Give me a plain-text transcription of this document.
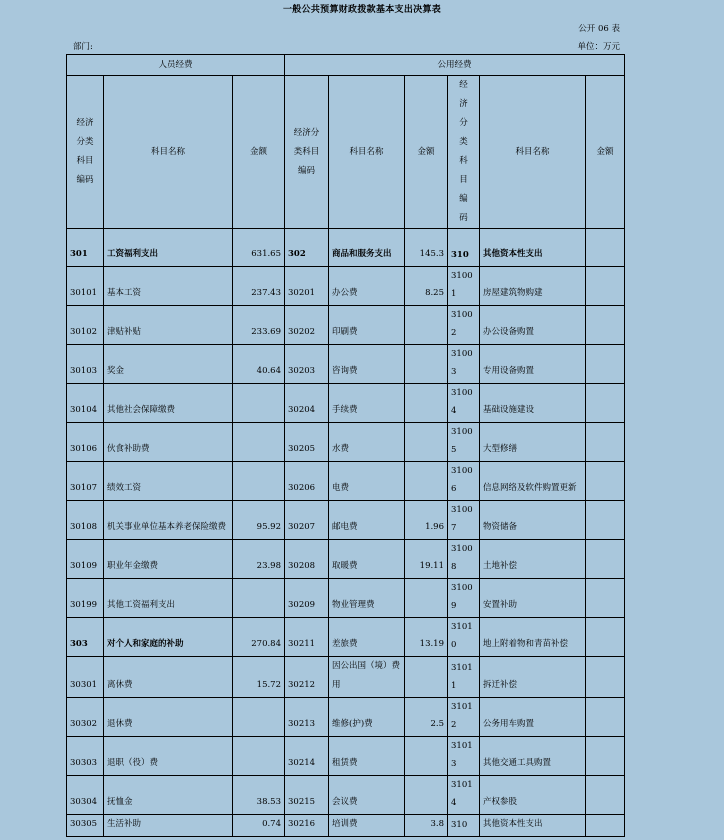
一般公共预算财政拨款基本支出决算表
公开 06 表
部门:	单位：万元
人员经费			公用经费					

经济分类科目编码	科目名称	金额	经济分类科目编码	科目名称	金额	经济分类科目编码	科目名称	金额
301	工资福利支出	631.65	302	商品和服务支出	145.3	310	其他资本性支出	
30101	基本工资	237.43	30201	办公费	8.25	31001	房屋建筑物购建	
30102	津贴补贴	233.69	30202	印刷费		31002	办公设备购置	
30103	奖金	40.64	30203	咨询费		31003	专用设备购置	
30104	其他社会保障缴费		30204	手续费		31004	基础设施建设	
30106	伙食补助费		30205	水费		31005	大型修缮	
30107	绩效工资		30206	电费		31006	信息网络及软件购置更新	
30108	机关事业单位基本养老保险缴费	95.92	30207	邮电费	1.96	31007	物资储备	
30109	职业年金缴费	23.98	30208	取暖费	19.11	31008	土地补偿	
30199	其他工资福利支出		30209	物业管理费		31009	安置补助	
303	对个人和家庭的补助	270.84	30211	差旅费	13.19	31010	地上附着物和青苗补偿	
30301	离休费	15.72	30212	因公出国（境）费用		31011	拆迁补偿	
30302	退休费		30213	维修(护)费	2.5	31012	公务用车购置	
30303	退职（役）费		30214	租赁费		31013	其他交通工具购置	
30304	抚恤金	38.53	30215	会议费		31014	产权参股	
30305	生活补助	0.74	30216	培训费	3.8	310	其他资本性支出	
